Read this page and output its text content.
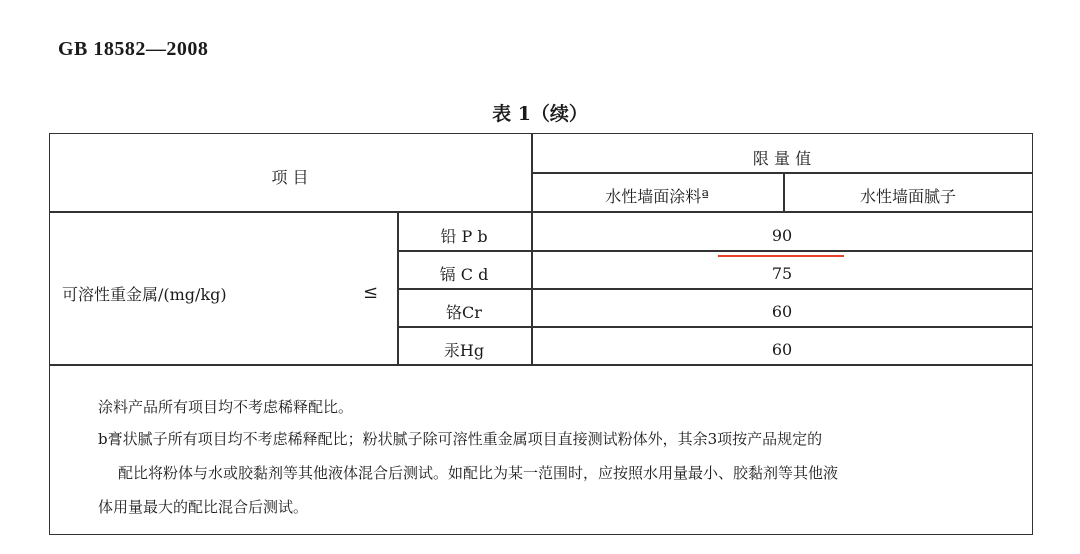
GB 18582—2008
表 1（续）
项 目
限 量 值
水性墙面涂料ª	水性墙面腻子
可溶性重金属/(mg/kg)	≤
铅 P b	90
镉 C d	75
铬Cr	60
汞Hg	60
涂料产品所有项目均不考虑稀释配比。
b膏状腻子所有项目均不考虑稀释配比；粉状腻子除可溶性重金属项目直接测试粉体外，其余3项按产品规定的
配比将粉体与水或胶黏剂等其他液体混合后测试。如配比为某一范围时，应按照水用量最小、胶黏剂等其他液
体用量最大的配比混合后测试。
